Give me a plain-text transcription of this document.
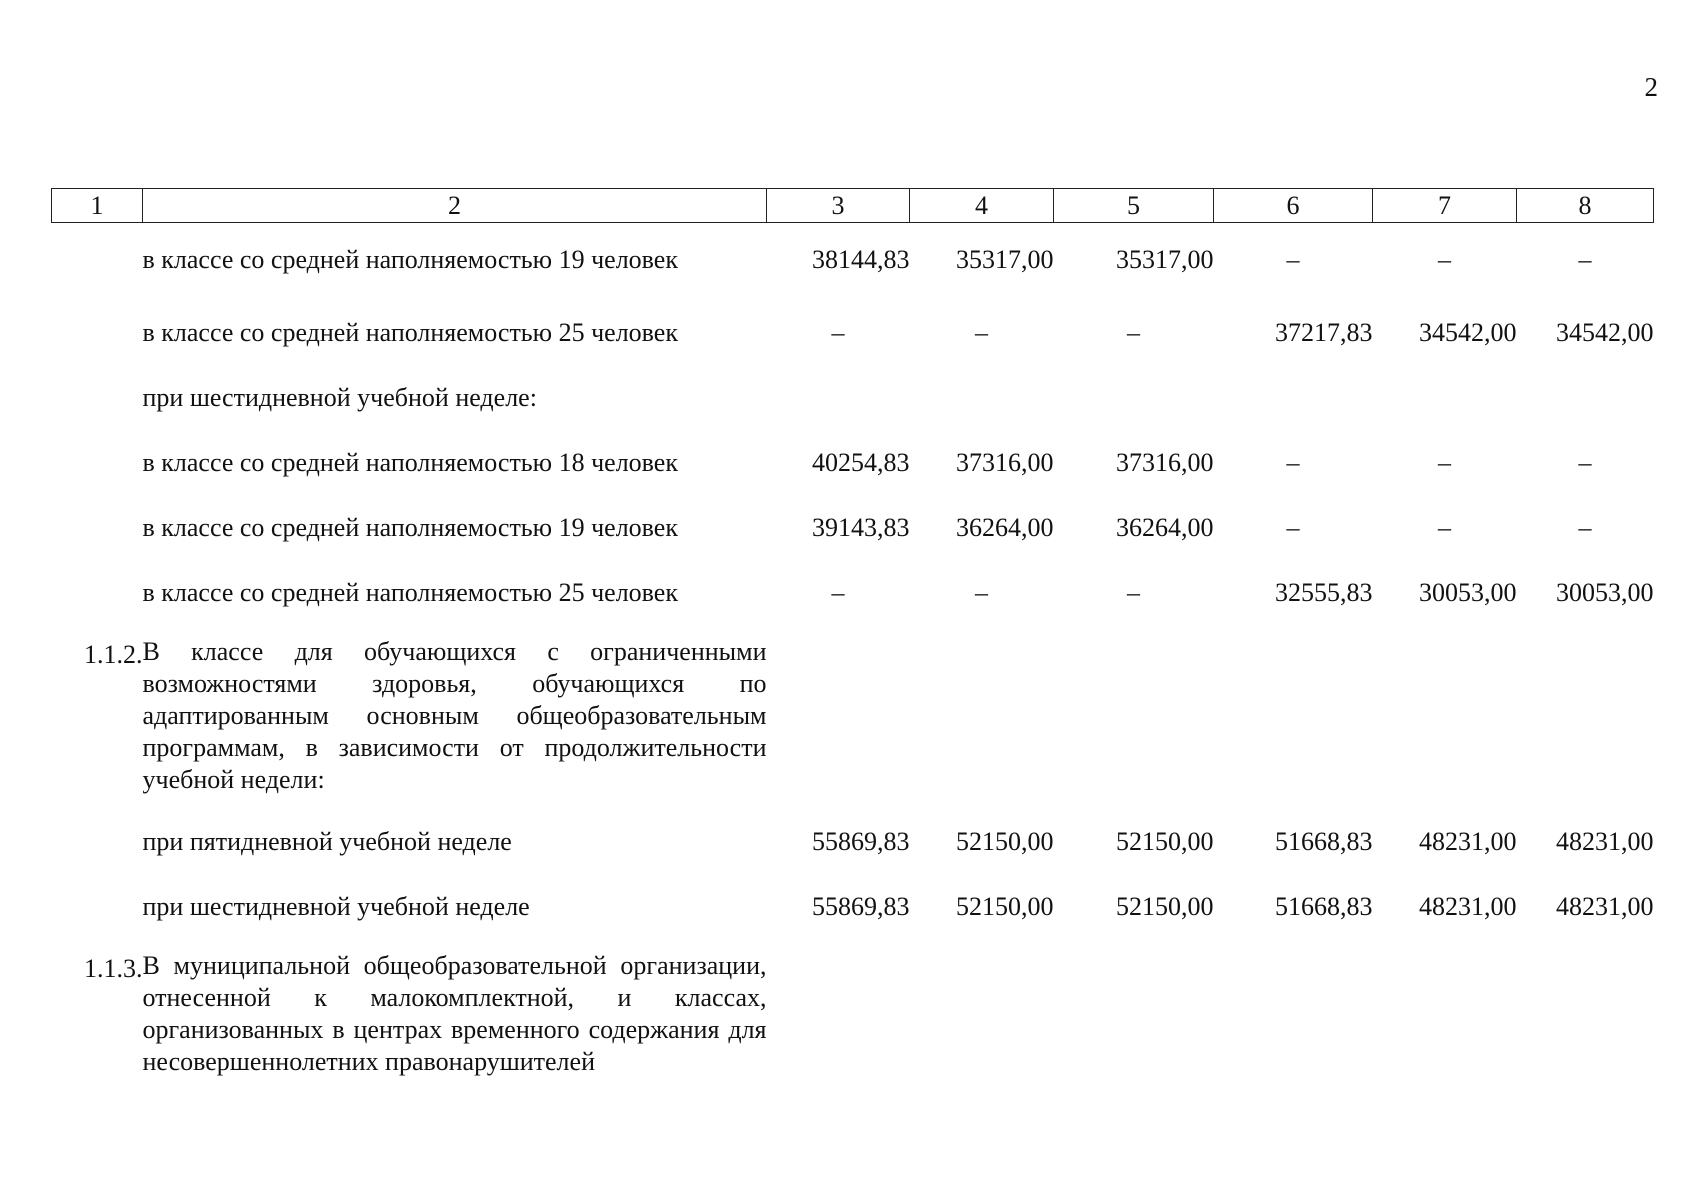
2
1	2	3	4	5	6	7	8
	в классе со средней наполняемостью 19 человек	38144,83	35317,00	35317,00	–	–	–
	в классе со средней наполняемостью 25 человек	–	–	–	37217,83	34542,00	34542,00
	при шестидневной учебной неделе:						
	в классе со средней наполняемостью 18 человек	40254,83	37316,00	37316,00	–	–	–
	в классе со средней наполняемостью 19 человек	39143,83	36264,00	36264,00	–	–	–
	в классе со средней наполняемостью 25 человек	–	–	–	32555,83	30053,00	30053,00
1.1.2.	В классе для обучающихся с ограниченными возможностями здоровья, обучающихся по адаптированным основным общеобразовательным программам, в зависимости от продолжительности учебной недели:						
	при пятидневной учебной неделе	55869,83	52150,00	52150,00	51668,83	48231,00	48231,00
	при шестидневной учебной неделе	55869,83	52150,00	52150,00	51668,83	48231,00	48231,00
1.1.3.	В муниципальной общеобразовательной организации, отнесенной к малокомплектной, и классах, организованных в центрах временного содержания для несовершеннолетних правонарушителей						
